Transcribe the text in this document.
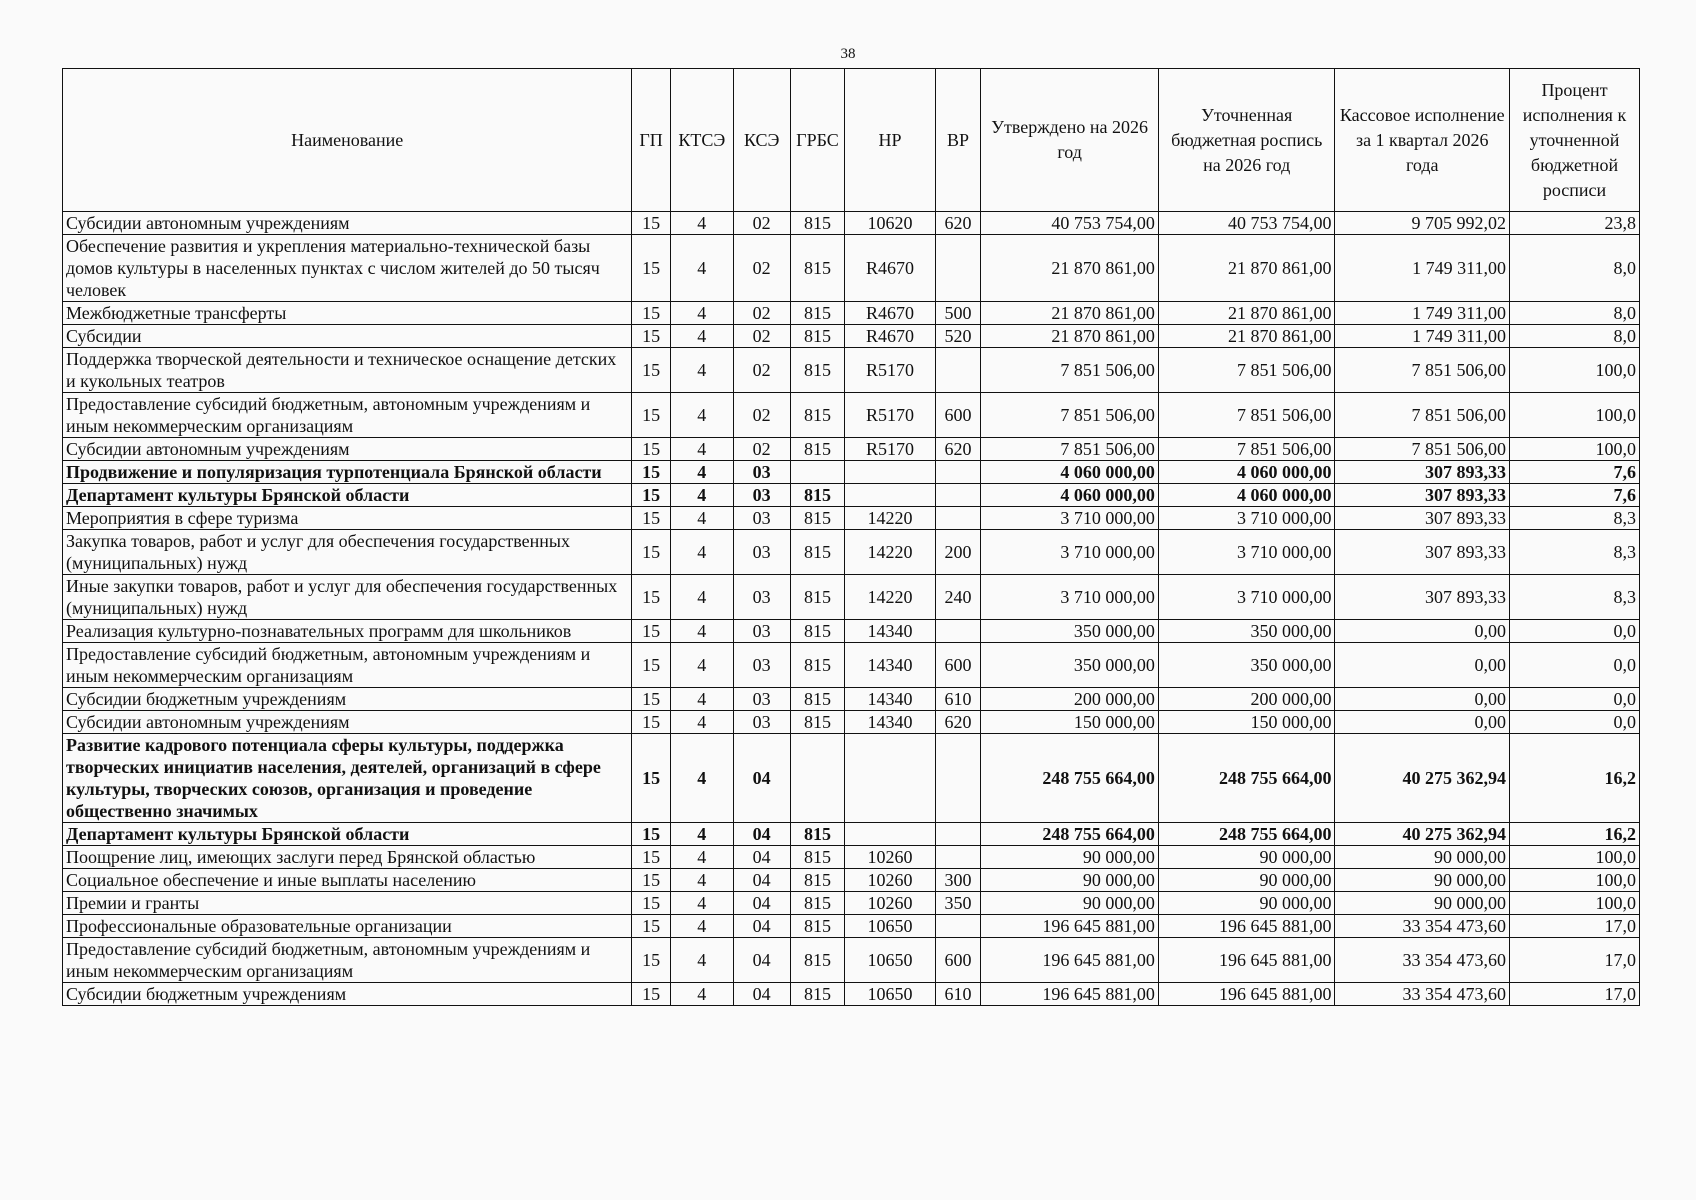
38
Наименование	ГП	КТСЭ	КСЭ	ГРБС	НР	ВР	Утверждено на 2026 год	Уточненная бюджетная роспись на 2026 год	Кассовое исполнение за 1 квартал 2026 года	Процент исполнения к уточненной бюджетной росписи
Субсидии автономным учреждениям	15	4	02	815	10620	620	40 753 754,00	40 753 754,00	9 705 992,02	23,8
Обеспечение развития и укрепления материально-технической базы домов культуры в населенных пунктах с числом жителей до 50 тысяч человек	15	4	02	815	R4670		21 870 861,00	21 870 861,00	1 749 311,00	8,0
Межбюджетные трансферты	15	4	02	815	R4670	500	21 870 861,00	21 870 861,00	1 749 311,00	8,0
Субсидии	15	4	02	815	R4670	520	21 870 861,00	21 870 861,00	1 749 311,00	8,0
Поддержка творческой деятельности и техническое оснащение детских и кукольных театров	15	4	02	815	R5170		7 851 506,00	7 851 506,00	7 851 506,00	100,0
Предоставление субсидий бюджетным, автономным учреждениям и иным некоммерческим организациям	15	4	02	815	R5170	600	7 851 506,00	7 851 506,00	7 851 506,00	100,0
Субсидии автономным учреждениям	15	4	02	815	R5170	620	7 851 506,00	7 851 506,00	7 851 506,00	100,0
Продвижение и популяризация турпотенциала Брянской области	15	4	03				4 060 000,00	4 060 000,00	307 893,33	7,6
Департамент культуры Брянской области	15	4	03	815			4 060 000,00	4 060 000,00	307 893,33	7,6
Мероприятия в сфере туризма	15	4	03	815	14220		3 710 000,00	3 710 000,00	307 893,33	8,3
Закупка товаров, работ и услуг для обеспечения государственных (муниципальных) нужд	15	4	03	815	14220	200	3 710 000,00	3 710 000,00	307 893,33	8,3
Иные закупки товаров, работ и услуг для обеспечения государственных (муниципальных) нужд	15	4	03	815	14220	240	3 710 000,00	3 710 000,00	307 893,33	8,3
Реализация культурно-познавательных программ для школьников	15	4	03	815	14340		350 000,00	350 000,00	0,00	0,0
Предоставление субсидий бюджетным, автономным учреждениям и иным некоммерческим организациям	15	4	03	815	14340	600	350 000,00	350 000,00	0,00	0,0
Субсидии бюджетным учреждениям	15	4	03	815	14340	610	200 000,00	200 000,00	0,00	0,0
Субсидии автономным учреждениям	15	4	03	815	14340	620	150 000,00	150 000,00	0,00	0,0
Развитие кадрового потенциала сферы культуры, поддержка творческих инициатив населения, деятелей, организаций в сфере культуры, творческих союзов, организация и проведение общественно значимых	15	4	04				248 755 664,00	248 755 664,00	40 275 362,94	16,2
Департамент культуры Брянской области	15	4	04	815			248 755 664,00	248 755 664,00	40 275 362,94	16,2
Поощрение лиц, имеющих заслуги перед Брянской областью	15	4	04	815	10260		90 000,00	90 000,00	90 000,00	100,0
Социальное обеспечение и иные выплаты населению	15	4	04	815	10260	300	90 000,00	90 000,00	90 000,00	100,0
Премии и гранты	15	4	04	815	10260	350	90 000,00	90 000,00	90 000,00	100,0
Профессиональные образовательные организации	15	4	04	815	10650		196 645 881,00	196 645 881,00	33 354 473,60	17,0
Предоставление субсидий бюджетным, автономным учреждениям и иным некоммерческим организациям	15	4	04	815	10650	600	196 645 881,00	196 645 881,00	33 354 473,60	17,0
Субсидии бюджетным учреждениям	15	4	04	815	10650	610	196 645 881,00	196 645 881,00	33 354 473,60	17,0
